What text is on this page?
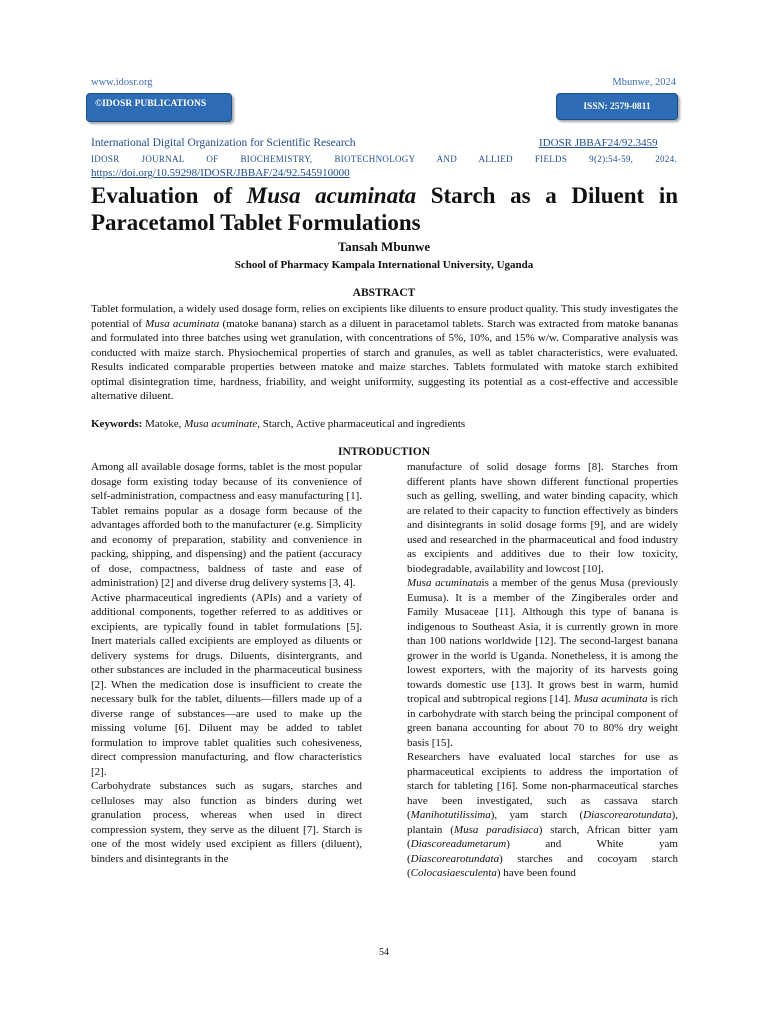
www.idosr.org	Mbunwe, 2024
©IDOSR PUBLICATIONS	ISSN: 2579-0811
International Digital Organization for Scientific Research	IDOSR JBBAF24/92.3459
IDOSR JOURNAL OF BIOCHEMISTRY, BIOTECHNOLOGY AND ALLIED FIELDS 9(2):54-59, 2024.
https://doi.org/10.59298/IDOSR/JBBAF/24/92.545910000
Evaluation of Musa acuminata Starch as a Diluent in Paracetamol Tablet Formulations
Tansah Mbunwe
School of Pharmacy Kampala International University, Uganda
ABSTRACT
Tablet formulation, a widely used dosage form, relies on excipients like diluents to ensure product quality. This study investigates the potential of Musa acuminata (matoke banana) starch as a diluent in paracetamol tablets. Starch was extracted from matoke bananas and formulated into three batches using wet granulation, with concentrations of 5%, 10%, and 15% w/w. Comparative analysis was conducted with maize starch. Physiochemical properties of starch and granules, as well as tablet characteristics, were evaluated. Results indicated comparable properties between matoke and maize starches. Tablets formulated with matoke starch exhibited optimal disintegration time, hardness, friability, and weight uniformity, suggesting its potential as a cost-effective and accessible alternative diluent.
Keywords: Matoke, Musa acuminate, Starch, Active pharmaceutical and ingredients
INTRODUCTION

Among all available dosage forms, tablet is the most popular dosage form existing today because of its convenience of self-administration, compactness and easy manufacturing [1]. Tablet remains popular as a dosage form because of the advantages afforded both to the manufacturer (e.g. Simplicity and economy of preparation, stability and convenience in packing, shipping, and dispensing) and the patient (accuracy of dose, compactness, baldness of taste and ease of administration) [2] and diverse drug delivery systems [3, 4].

Active pharmaceutical ingredients (APIs) and a variety of additional components, together referred to as additives or excipients, are typically found in tablet formulations [5]. Inert materials called excipients are employed as diluents or delivery systems for drugs. Diluents, disintergrants, and other substances are included in the pharmaceutical business [2]. When the medication dose is insufficient to create the necessary bulk for the tablet, diluents—fillers made up of a diverse range of substances—are used to make up the missing volume [6]. Diluent may be added to tablet formulation to improve tablet qualities such cohesiveness, direct compression manufacturing, and flow characteristics [2].

Carbohydrate substances such as sugars, starches and celluloses may also function as binders during wet granulation process, whereas when used in direct compression system, they serve as the diluent [7]. Starch is one of the most widely used excipient as fillers (diluent), binders and disintegrants in the

manufacture of solid dosage forms [8]. Starches from different plants have shown different functional properties such as gelling, swelling, and water binding capacity, which are related to their capacity to function effectively as binders and disintegrants in solid dosage forms [9], and are widely used and researched in the pharmaceutical and food industry as excipients and additives due to their low toxicity, biodegradable, availability and lowcost [10].

Musa acuminatais a member of the genus Musa (previously Eumusa). It is a member of the Zingiberales order and Family Musaceae [11]. Although this type of banana is indigenous to Southeast Asia, it is currently grown in more than 100 nations worldwide [12]. The second-largest banana grower in the world is Uganda. Nonetheless, it is among the lowest exporters, with the majority of its harvests going towards domestic use [13]. It grows best in warm, humid tropical and subtropical regions [14]. Musa acuminata is rich in carbohydrate with starch being the principal component of green banana accounting for about 70 to 80% dry weight basis [15].

Researchers have evaluated local starches for use as pharmaceutical excipients to address the importation of starch for tableting [16]. Some non-pharmaceutical starches have been investigated, such as cassava starch (Manihotutilissima), yam starch (Diascorearotundata), plantain (Musa paradisiaca) starch, African bitter yam (Diascoreadumetarum) and White yam (Diascorearotundata) starches and cocoyam starch (Colocasiaesculenta) have been found

54
